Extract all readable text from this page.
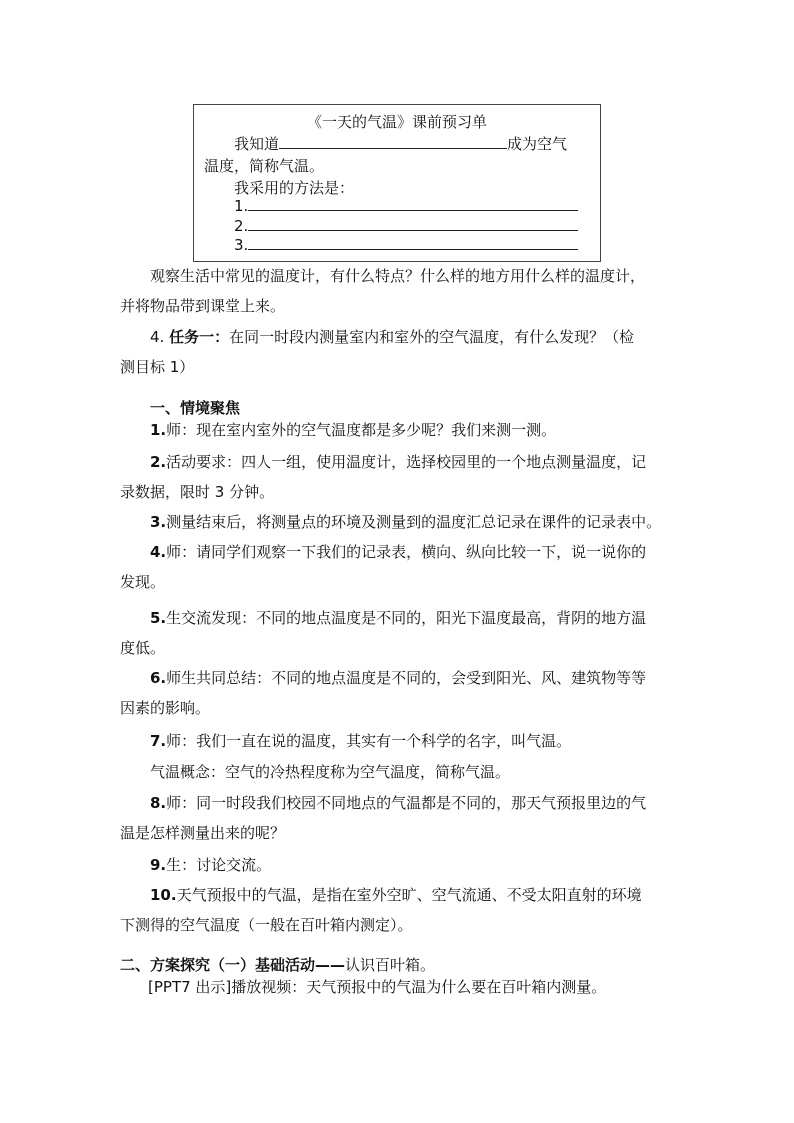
《一天的气温》课前预习单
我知道	成为空气
温度，简称气温。
我采用的方法是：
1.
2.
3.
观察生活中常见的温度计，有什么特点？什么样的地方用什么样的温度计，
并将物品带到课堂上来。
4. 任务一：在同一时段内测量室内和室外的空气温度，有什么发现？（检
测目标 1）
一、情境聚焦
1.师：现在室内室外的空气温度都是多少呢？我们来测一测。
2.活动要求：四人一组，使用温度计，选择校园里的一个地点测量温度，记
录数据，限时 3 分钟。
3.测量结束后，将测量点的环境及测量到的温度汇总记录在课件的记录表中。
4.师：请同学们观察一下我们的记录表，横向、纵向比较一下，说一说你的
发现。
5.生交流发现：不同的地点温度是不同的，阳光下温度最高，背阴的地方温
度低。
6.师生共同总结：不同的地点温度是不同的，会受到阳光、风、建筑物等等
因素的影响。
7.师：我们一直在说的温度，其实有一个科学的名字，叫气温。
气温概念：空气的冷热程度称为空气温度，简称气温。
8.师：同一时段我们校园不同地点的气温都是不同的，那天气预报里边的气
温是怎样测量出来的呢？
9.生：讨论交流。
10.天气预报中的气温，是指在室外空旷、空气流通、不受太阳直射的环境
下测得的空气温度（一般在百叶箱内测定）。
二、方案探究（一）基础活动——认识百叶箱。
[PPT7 出示]播放视频：天气预报中的气温为什么要在百叶箱内测量。
